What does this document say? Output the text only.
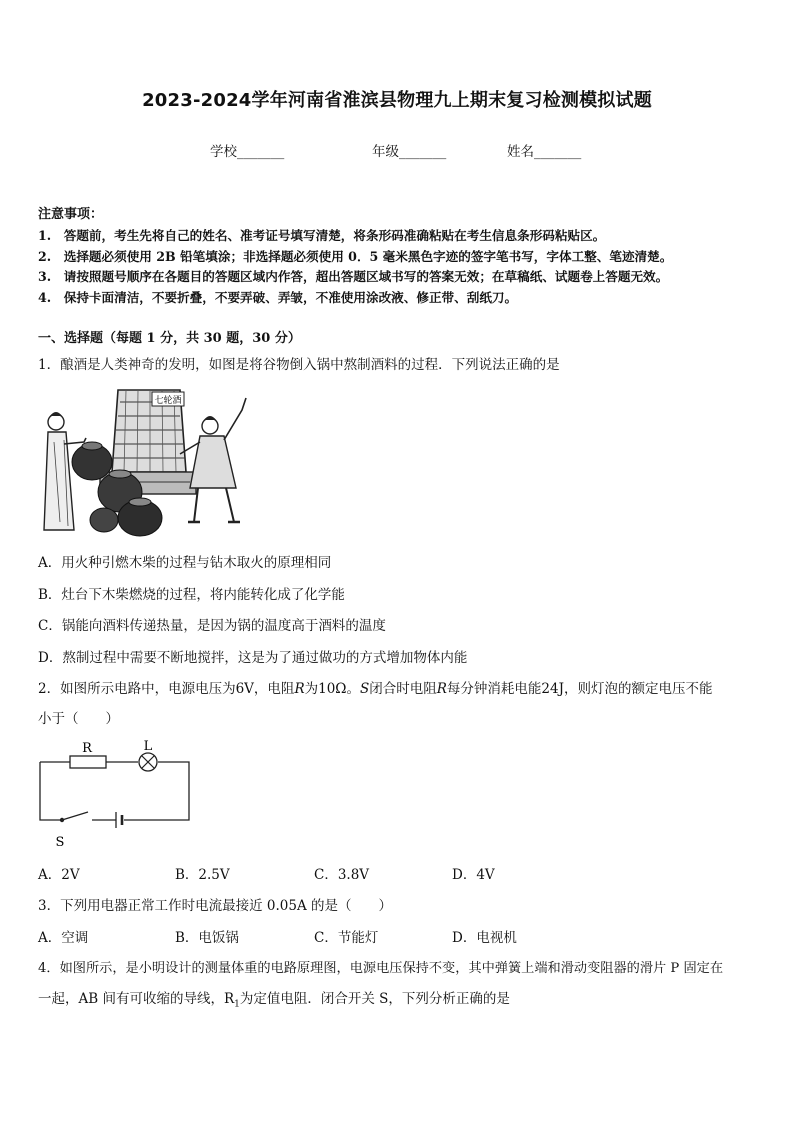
2023-2024学年河南省淮滨县物理九上期末复习检测模拟试题
学校_______	年级_______	姓名_______
注意事项：
1.　答题前，考生先将自己的姓名、准考证号填写清楚，将条形码准确粘贴在考生信息条形码粘贴区。
2.　选择题必须使用 2B 铅笔填涂；非选择题必须使用 0．5 毫米黑色字迹的签字笔书写，字体工整、笔迹清楚。
3.　请按照题号顺序在各题目的答题区域内作答，超出答题区域书写的答案无效；在草稿纸、试题卷上答题无效。
4.　保持卡面清洁，不要折叠，不要弄破、弄皱，不准使用涂改液、修正带、刮纸刀。
一、选择题（每题 1 分，共 30 题，30 分）
1．酿酒是人类神奇的发明，如图是将谷物倒入锅中熬制酒料的过程．下列说法正确的是
七轮酒
A．用火种引燃木柴的过程与钻木取火的原理相同
B．灶台下木柴燃烧的过程，将内能转化成了化学能
C．锅能向酒料传递热量，是因为锅的温度高于酒料的温度
D．熬制过程中需要不断地搅拌，这是为了通过做功的方式增加物体内能
2．如图所示电路中，电源电压为6V，电阻R为10Ω。S闭合时电阻R每分钟消耗电能24J，则灯泡的额定电压不能
小于（　　）
R	L
S
A．2V	B．2.5V	C．3.8V	D．4V
3．下列用电器正常工作时电流最接近 0.05A 的是（　　）
A．空调	B．电饭锅	C．节能灯	D．电视机
4．如图所示，是小明设计的测量体重的电路原理图，电源电压保持不变，其中弹簧上端和滑动变阻器的滑片 P 固定在
一起，AB 间有可收缩的导线，$R_1$为定值电阻．闭合开关 S，下列分析正确的是
